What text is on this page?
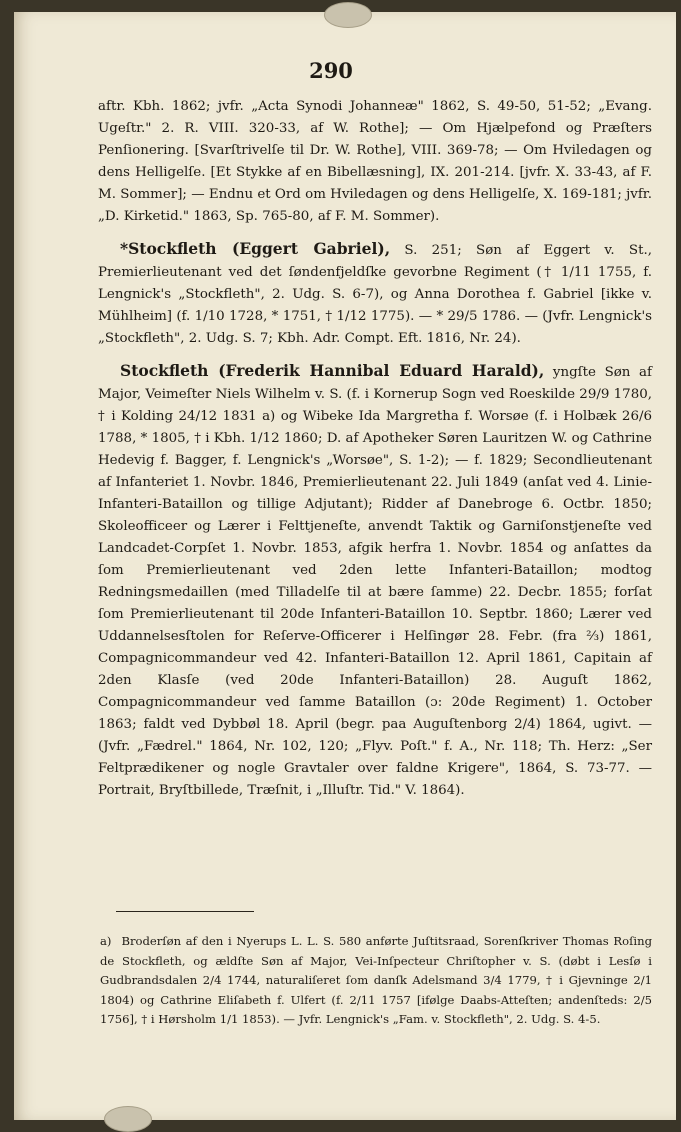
290

aftr. Kbh. 1862; jvfr. „Acta Synodi Johanneæ" 1862, S. 49-50, 51-52; „Evang. Ugeſtr." 2. R. VIII. 320-33, af W. Rothe]; — Om Hjælpefond og Præſters Penſionering. [Svarſtrivelſe til Dr. W. Rothe], VIII. 369-78; — Om Hviledagen og dens Helligelſe. [Et Stykke af en Bibellæsning], IX. 201-214. [jvfr. X. 33-43, af F. M. Sommer]; — Endnu et Ord om Hviledagen og dens Helligelſe, X. 169-181; jvfr. „D. Kirketid." 1863, Sp. 765-80, af F. M. Sommer).

*Stockfleth (Eggert Gabriel), S. 251; Søn af Eggert v. St., Premierlieutenant ved det ſøndenfjeldſke gevorbne Regiment († 1/11 1755, f. Lengnick's „Stockfleth", 2. Udg. S. 6-7), og Anna Dorothea f. Gabriel [ikke v. Mühlheim] (f. 1/10 1728, * 1751, † 1/12 1775). — * 29/5 1786. — (Jvfr. Lengnick's „Stockfleth", 2. Udg. S. 7; Kbh. Adr. Compt. Eft. 1816, Nr. 24).

Stockfleth (Frederik Hannibal Eduard Harald), yngſte Søn af Major, Veimeſter Niels Wilhelm v. S. (f. i Kornerup Sogn ved Roeskilde 29/9 1780, † i Kolding 24/12 1831 a) og Wibeke Ida Margretha f. Worsøe (f. i Holbæk 26/6 1788, * 1805, † i Kbh. 1/12 1860; D. af Apotheker Søren Lauritzen W. og Cathrine Hedevig f. Bagger, f. Lengnick's „Worsøe", S. 1-2); — f. 1829; Secondlieutenant af Infanteriet 1. Novbr. 1846, Premierlieutenant 22. Juli 1849 (anſat ved 4. Linie-Infanteri-Bataillon og tillige Adjutant); Ridder af Danebroge 6. Octbr. 1850; Skoleofficeer og Lærer i Felttjeneſte, anvendt Taktik og Garniſonstjeneſte ved Landcadet-Corpſet 1. Novbr. 1853, afgik herfra 1. Novbr. 1854 og anſattes da ſom Premierlieutenant ved 2den lette Infanteri-Bataillon; modtog Redningsmedaillen (med Tilladelſe til at bære ſamme) 22. Decbr. 1855; forſat ſom Premierlieutenant til 20de Infanteri-Bataillon 10. Septbr. 1860; Lærer ved Uddannelsesſtolen for Reſerve-Officerer i Helſingør 28. Febr. (fra ⅔) 1861, Compagnicommandeur ved 42. Infanteri-Bataillon 12. April 1861, Capitain af 2den Klasſe (ved 20de Infanteri-Bataillon) 28. Auguſt 1862, Compagnicommandeur ved ſamme Bataillon (ɔ: 20de Regiment) 1. October 1863; faldt ved Dybbøl 18. April (begr. paa Auguſtenborg 2/4) 1864, ugivt. — (Jvfr. „Fædrel." 1864, Nr. 102, 120; „Flyv. Poſt." f. A., Nr. 118; Th. Herz: „Ser Feltprædikener og nogle Gravtaler over faldne Krigere", 1864, S. 73-77. — Portrait, Bryſtbillede, Træſnit, i „Illuſtr. Tid." V. 1864).

a) Broderſøn af den i Nyerups L. L. S. 580 anførte Juſtitsraad, Sorenſkriver Thomas Roſing de Stockfleth, og ældſte Søn af Major, Vei-Inſpecteur Chriſtopher v. S. (døbt i Lesſø i Gudbrandsdalen 2/4 1744, naturaliſeret ſom danſk Adelsmand 3/4 1779, † i Gjevninge 2/1 1804) og Cathrine Eliſabeth f. Ulfert (f. 2/11 1757 [ifølge Daabs-Atteſten; andenſteds: 2/5 1756], † i Hørsholm 1/1 1853). — Jvfr. Lengnick's „Fam. v. Stockfleth", 2. Udg. S. 4-5.
